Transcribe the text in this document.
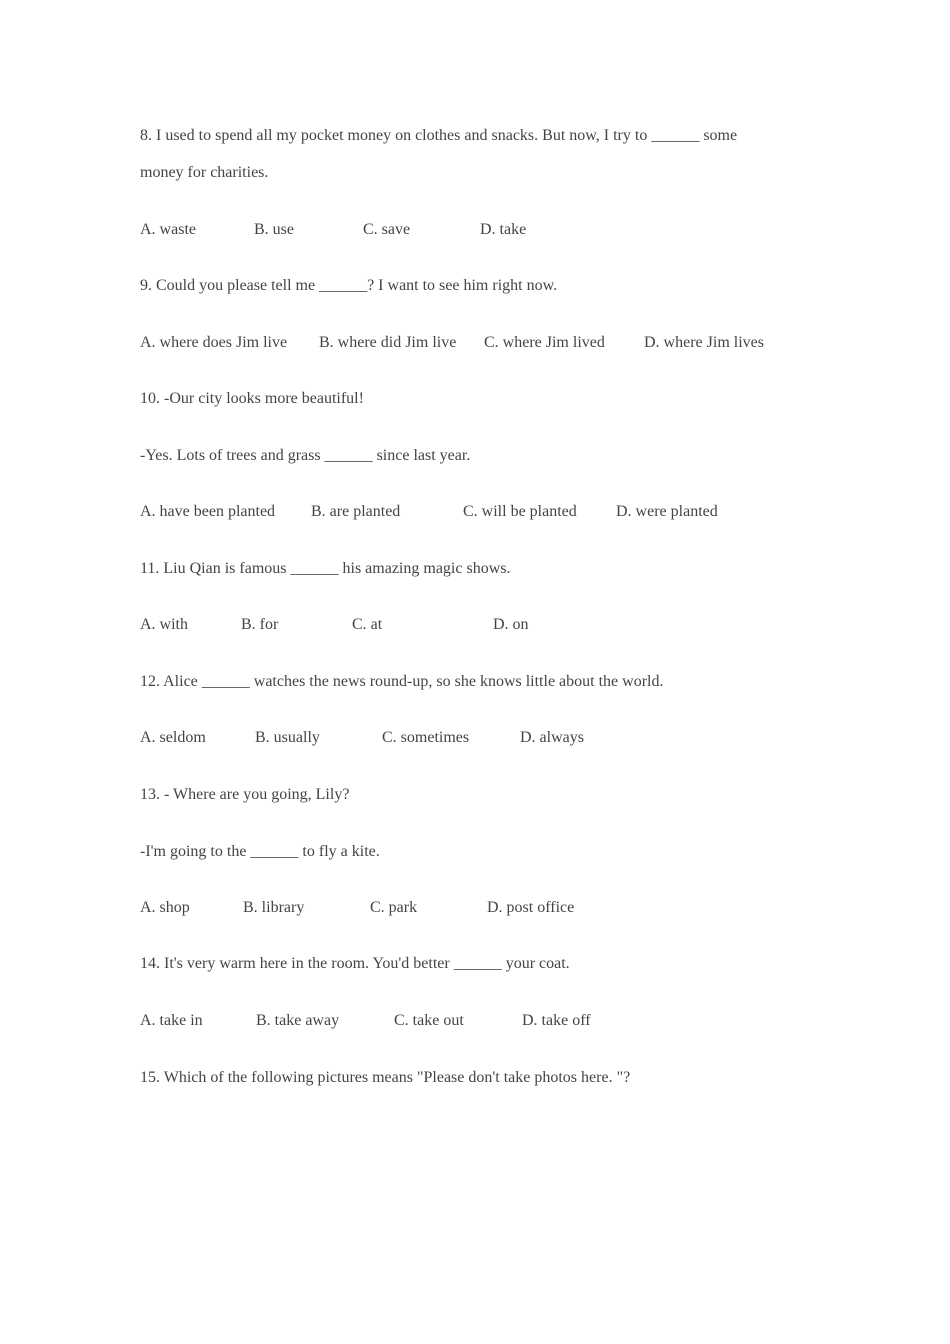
8. I used to spend all my pocket money on clothes and snacks. But now, I try to ______ some
money for charities.
A. waste	B. use	C. save	D. take
9. Could you please tell me ______? I want to see him right now.
A. where does Jim live B. where did Jim live C. where Jim lived D. where Jim lives
10. -Our city looks more beautiful!
-Yes. Lots of trees and grass ______ since last year.
A. have been planted B. are planted	C. will be planted D. were planted
11. Liu Qian is famous ______ his amazing magic shows.
A. with	B. for	C. at	D. on
12. Alice ______ watches the news round-up, so she knows little about the world.
A. seldom	B. usually	C. sometimes	D. always
13. - Where are you going, Lily?
-I'm going to the ______ to fly a kite.
A. shop	B. library	C. park	D. post office
14. It's very warm here in the room. You'd better ______ your coat.
A. take in	B. take away	C. take out	D. take off
15. Which of the following pictures means "Please don't take photos here. "?
